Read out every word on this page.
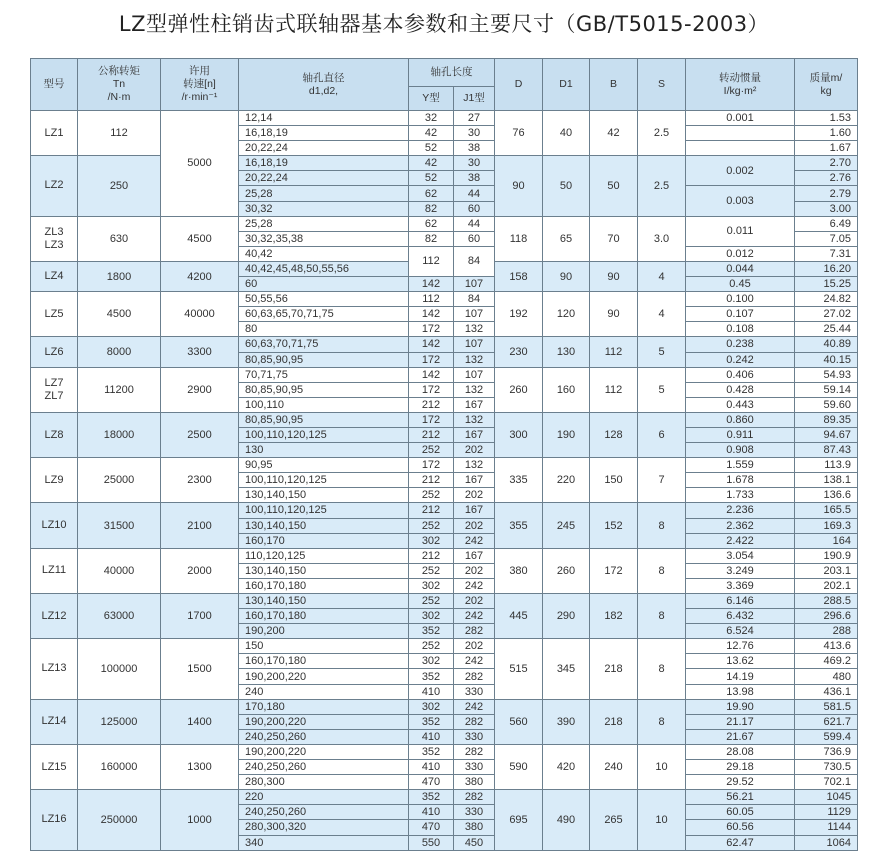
LZ型弹性柱销齿式联轴器基本参数和主要尺寸（GB/T5015-2003）
型号	公称转矩
Tn
/N·m	许用
转速[n]
/r·min⁻¹	轴孔直径
d1,d2,	轴孔长度		D	D1	B	S	转动惯量
I/kg·m²	质量m/
kg

				Y型	J1型						
LZ1	112	5000	12,14	32	27	76	40	42	2.5	0.001	1.53
			16,18,19	42	30						1.60
			20,22,24	52	38						1.67
LZ2	250		16,18,19	42	30	90	50	50	2.5	0.002	2.70
			20,22,24	52	38						2.76
			25,28	62	44					0.003	2.79
			30,32	82	60						3.00
ZL3
LZ3	630	4500	25,28	62	44	118	65	70	3.0	0.011	6.49
			30,32,35,38	82	60						7.05
			40,42	112	84					0.012	7.31
LZ4	1800	4200	40,42,45,48,50,55,56			158	90	90	4	0.044	16.20
			60	142	107					0.45	15.25
LZ5	4500	40000	50,55,56	112	84	192	120	90	4	0.100	24.82
			60,63,65,70,71,75	142	107					0.107	27.02
			80	172	132					0.108	25.44
LZ6	8000	3300	60,63,70,71,75	142	107	230	130	112	5	0.238	40.89
			80,85,90,95	172	132					0.242	40.15
LZ7
ZL7	11200	2900	70,71,75	142	107	260	160	112	5	0.406	54.93
			80,85,90,95	172	132					0.428	59.14
			100,110	212	167					0.443	59.60
LZ8	18000	2500	80,85,90,95	172	132	300	190	128	6	0.860	89.35
			100,110,120,125	212	167					0.911	94.67
			130	252	202					0.908	87.43
LZ9	25000	2300	90,95	172	132	335	220	150	7	1.559	113.9
			100,110,120,125	212	167					1.678	138.1
			130,140,150	252	202					1.733	136.6
LZ10	31500	2100	100,110,120,125	212	167	355	245	152	8	2.236	165.5
			130,140,150	252	202					2.362	169.3
			160,170	302	242					2.422	164
LZ11	40000	2000	110,120,125	212	167	380	260	172	8	3.054	190.9
			130,140,150	252	202					3.249	203.1
			160,170,180	302	242					3.369	202.1
LZ12	63000	1700	130,140,150	252	202	445	290	182	8	6.146	288.5
			160,170,180	302	242					6.432	296.6
			190,200	352	282					6.524	288
LZ13	100000	1500	150	252	202	515	345	218	8	12.76	413.6
			160,170,180	302	242					13.62	469.2
			190,200,220	352	282					14.19	480
			240	410	330					13.98	436.1
LZ14	125000	1400	170,180	302	242	560	390	218	8	19.90	581.5
			190,200,220	352	282					21.17	621.7
			240,250,260	410	330					21.67	599.4
LZ15	160000	1300	190,200,220	352	282	590	420	240	10	28.08	736.9
			240,250,260	410	330					29.18	730.5
			280,300	470	380					29.52	702.1
LZ16	250000	1000	220	352	282	695	490	265	10	56.21	1045
			240,250,260	410	330					60.05	1129
			280,300,320	470	380					60.56	1144
			340	550	450					62.47	1064
